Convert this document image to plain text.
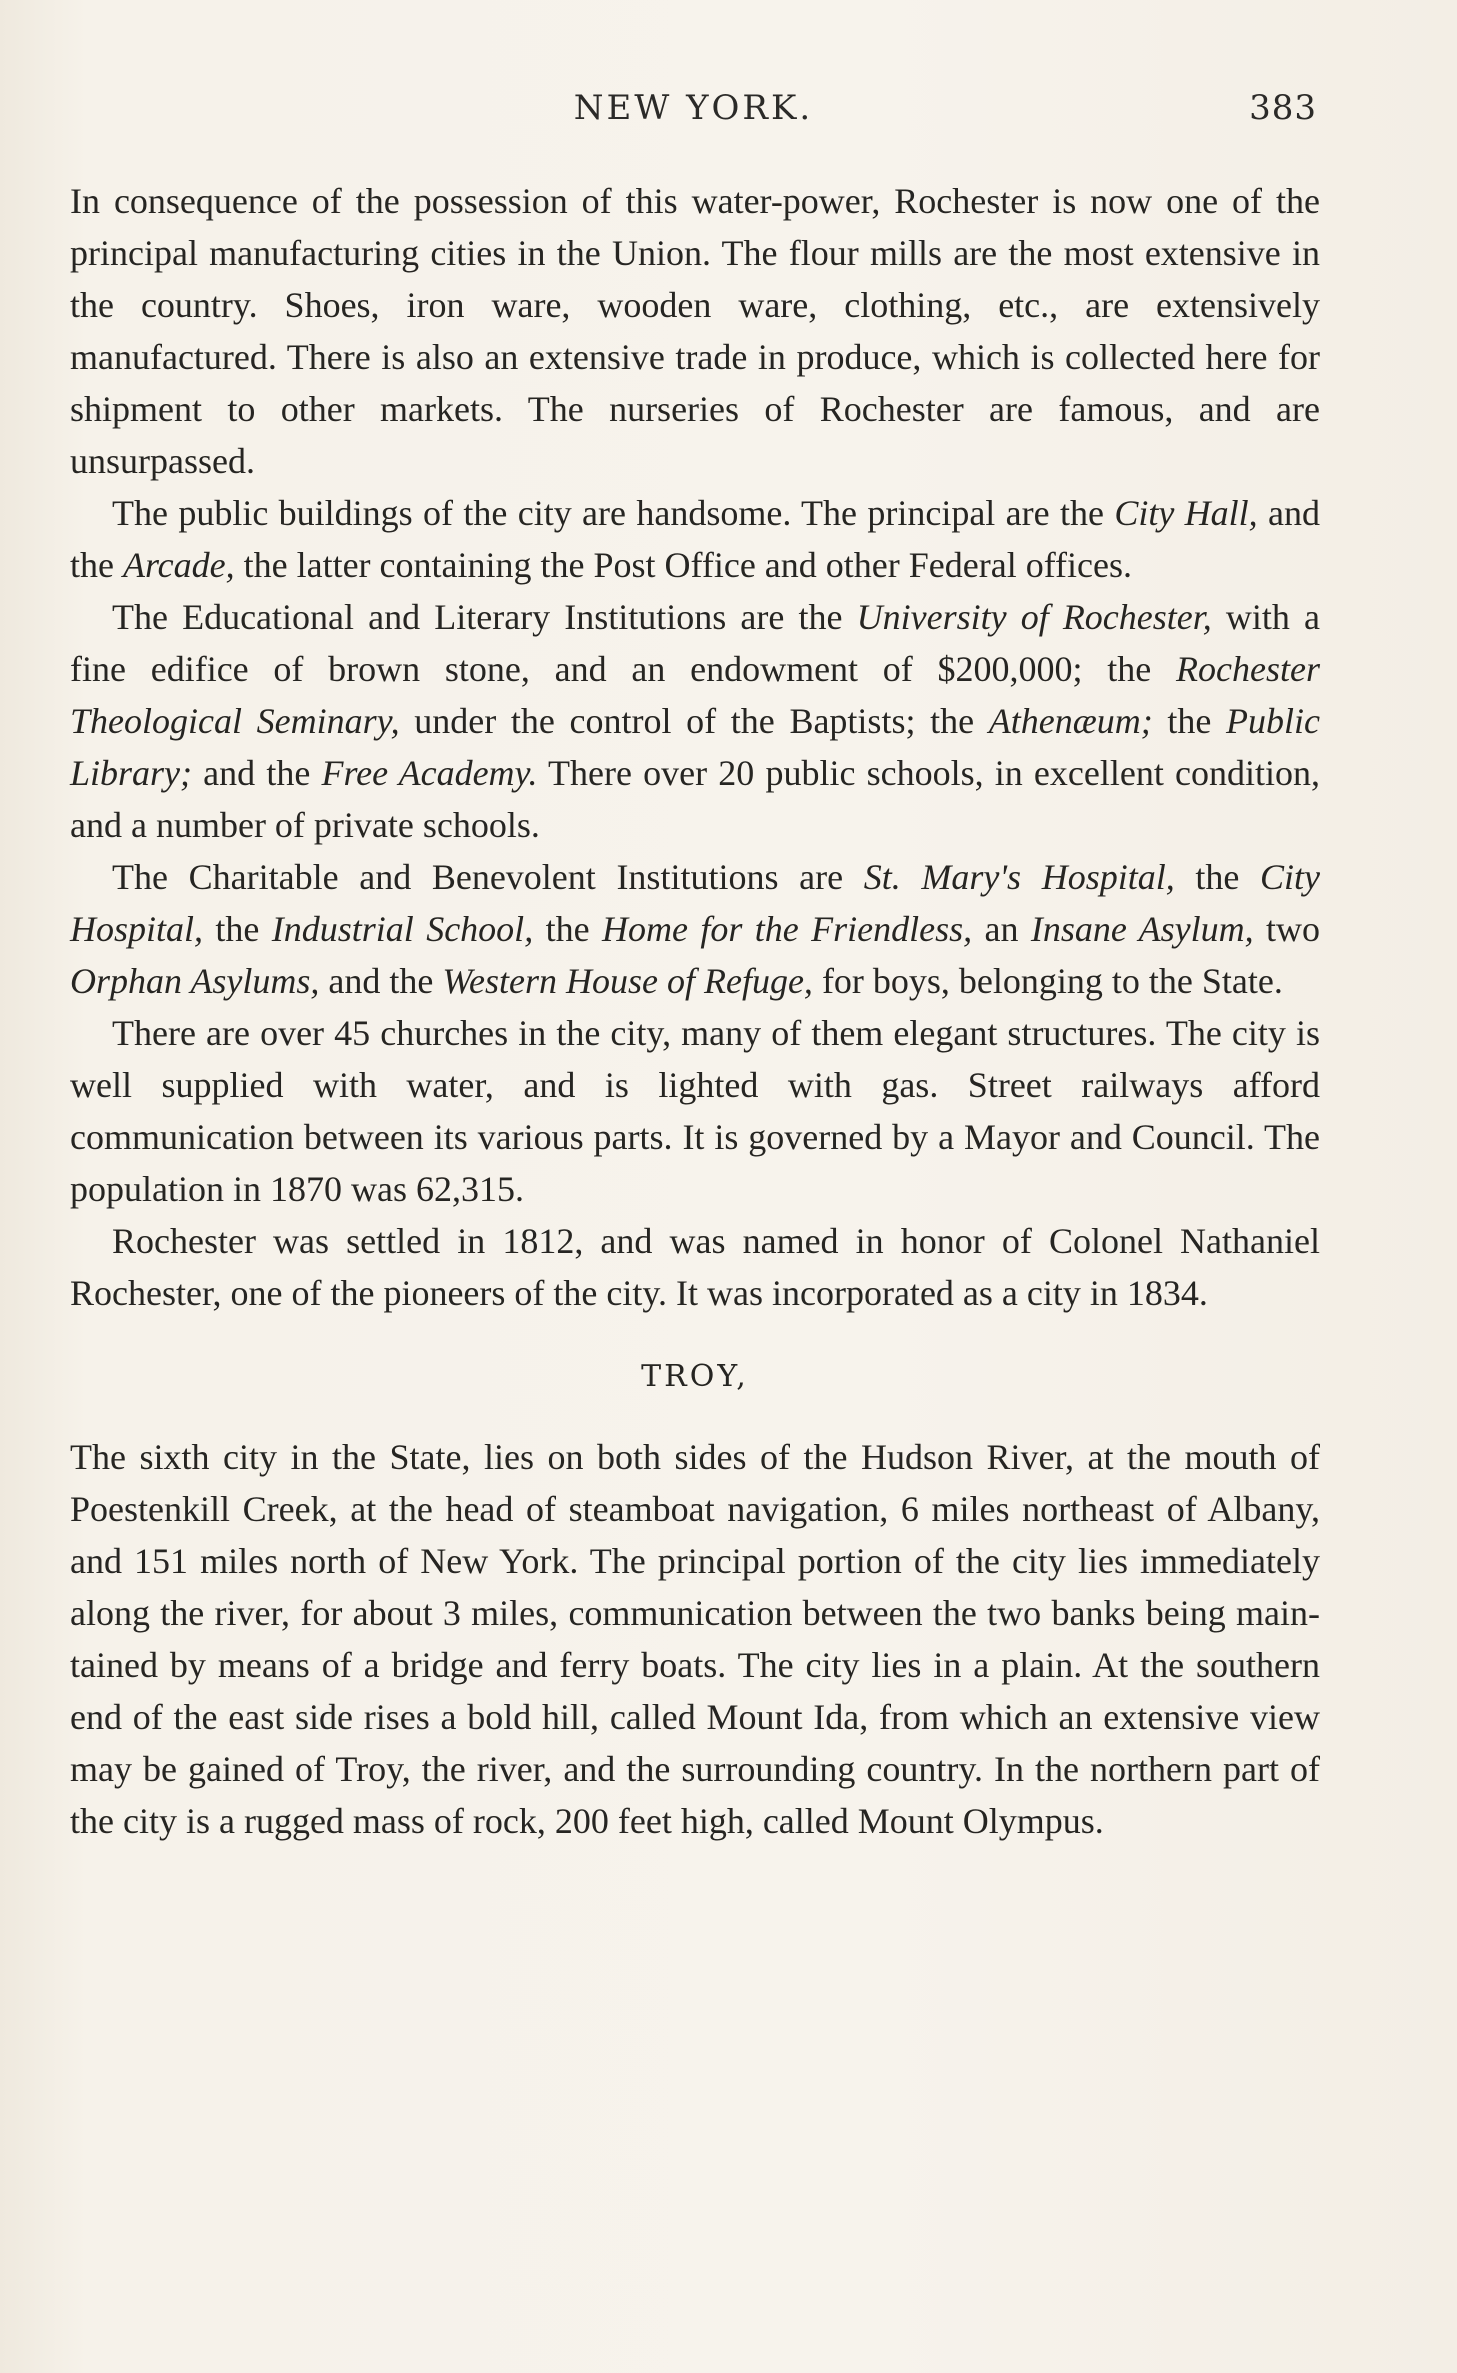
NEW YORK.	383

In consequence of the possession of this water-power, Rochester is now one of the principal manufacturing cities in the Union. The flour mills are the most extensive in the country. Shoes, iron ware, wooden ware, clothing, etc., are extensively manufactured. There is also an extensive trade in produce, which is collected here for shipment to other markets. The nurseries of Rochester are famous, and are unsurpassed.

The public buildings of the city are handsome. The principal are the City Hall, and the Arcade, the latter containing the Post Office and other Federal offices.

The Educational and Literary Institutions are the University of Rochester, with a fine edifice of brown stone, and an endowment of $200,000; the Rochester Theological Seminary, under the control of the Baptists; the Athenæum; the Public Library; and the Free Academy. There over 20 public schools, in excellent condition, and a number of private schools.

The Charitable and Benevolent Institutions are St. Mary's Hospital, the City Hospital, the Industrial School, the Home for the Friendless, an Insane Asylum, two Orphan Asylums, and the Western House of Refuge, for boys, belonging to the State.

There are over 45 churches in the city, many of them elegant structures. The city is well supplied with water, and is lighted with gas. Street railways afford communication between its various parts. It is governed by a Mayor and Council. The population in 1870 was 62,315.

Rochester was settled in 1812, and was named in honor of Colonel Nathaniel Rochester, one of the pioneers of the city. It was incorporated as a city in 1834.

TROY,

The sixth city in the State, lies on both sides of the Hudson River, at the mouth of Poestenkill Creek, at the head of steamboat navigation, 6 miles northeast of Albany, and 151 miles north of New York. The principal portion of the city lies immediately along the river, for about 3 miles, communication between the two banks being maintained by means of a bridge and ferry boats. The city lies in a plain. At the southern end of the east side rises a bold hill, called Mount Ida, from which an extensive view may be gained of Troy, the river, and the surrounding country. In the northern part of the city is a rugged mass of rock, 200 feet high, called Mount Olympus.
